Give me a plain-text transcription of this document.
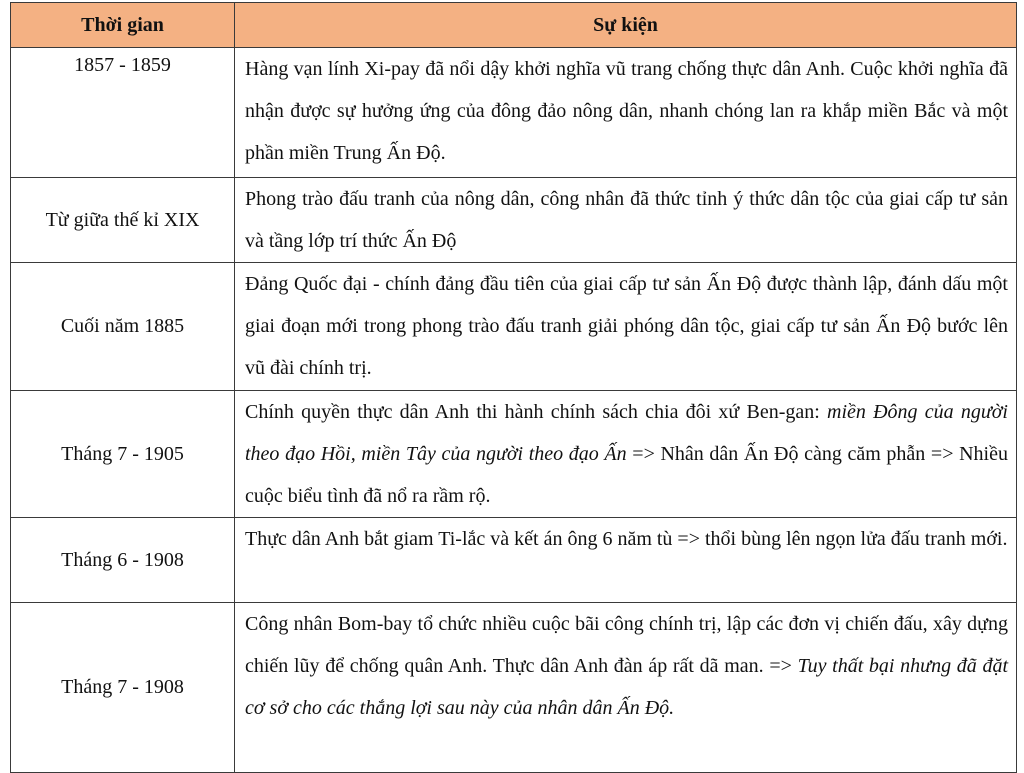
Thời gian	Sự kiện
1857 - 1859	Hàng vạn lính Xi-pay đã nổi dậy khởi nghĩa vũ trang chống thực dân Anh. Cuộc khởi nghĩa đã nhận được sự hưởng ứng của đông đảo nông dân, nhanh chóng lan ra khắp miền Bắc và một phần miền Trung Ấn Độ.

Từ giữa thế kỉ XIX	Phong trào đấu tranh của nông dân, công nhân đã thức tỉnh ý thức dân tộc của giai cấp tư sản và tầng lớp trí thức Ấn Độ

Cuối năm 1885	Đảng Quốc đại - chính đảng đầu tiên của giai cấp tư sản Ấn Độ được thành lập, đánh dấu một giai đoạn mới trong phong trào đấu tranh giải phóng dân tộc, giai cấp tư sản Ấn Độ bước lên vũ đài chính trị.

Tháng 7 - 1905	Chính quyền thực dân Anh thi hành chính sách chia đôi xứ Ben-gan: miền Đông của người theo đạo Hồi, miền Tây của người theo đạo Ấn => Nhân dân Ấn Độ càng căm phẫn => Nhiều cuộc biểu tình đã nổ ra rầm rộ.

Tháng 6 - 1908	Thực dân Anh bắt giam Ti-lắc và kết án ông 6 năm tù => thổi bùng lên ngọn lửa đấu tranh mới.

Tháng 7 - 1908	Công nhân Bom-bay tổ chức nhiều cuộc bãi công chính trị, lập các đơn vị chiến đấu, xây dựng chiến lũy để chống quân Anh. Thực dân Anh đàn áp rất dã man. => Tuy thất bại nhưng đã đặt cơ sở cho các thắng lợi sau này của nhân dân Ấn Độ.
